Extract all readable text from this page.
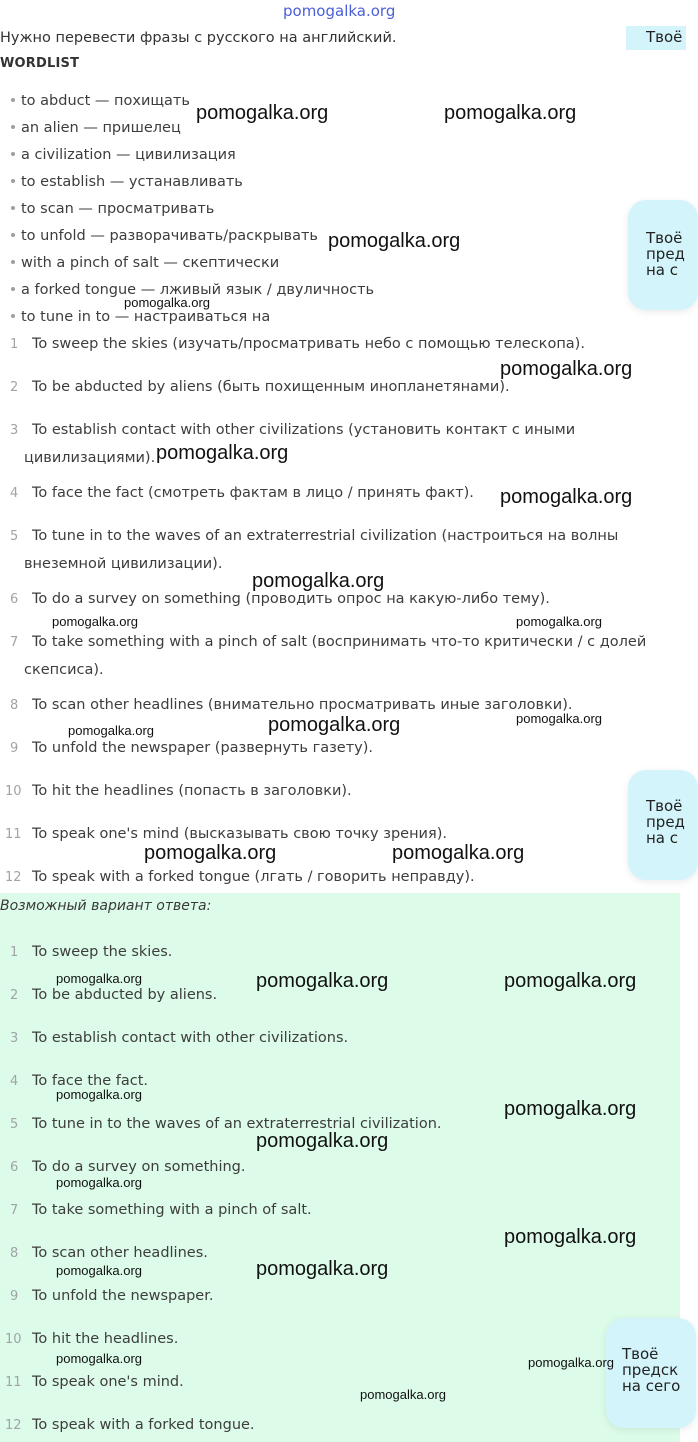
pomogalka.org
Нужно перевести фразы с русского на английский.
WORDLIST
Твоё
Твоё
пред
на с
Твоё
пред
на с
to abduct — похищать
an alien — пришелец
a civilization — цивилизация
to establish — устанавливать
to scan — просматривать
to unfold — разворачивать/раскрывать
with a pinch of salt — скептически
a forked tongue — лживый язык / двуличность
to tune in to — настраиваться на
1 To sweep the skies (изучать/просматривать небо с помощью телескопа).
2 To be abducted by aliens (быть похищенным инопланетянами).
3 To establish contact with other civilizations (установить контакт с иными
цивилизациями).
4 To face the fact (смотреть фактам в лицо / принять факт).
5 To tune in to the waves of an extraterrestrial civilization (настроиться на волны
внеземной цивилизации).
6 To do a survey on something (проводить опрос на какую-либо тему).
7 To take something with a pinch of salt (воспринимать что-то критически / с долей
скепсиса).
8 To scan other headlines (внимательно просматривать иные заголовки).
9 To unfold the newspaper (развернуть газету).
10 To hit the headlines (попасть в заголовки).
11 To speak one's mind (высказывать свою точку зрения).
12 To speak with a forked tongue (лгать / говорить неправду).
Возможный вариант ответа:
1 To sweep the skies.
2 To be abducted by aliens.
3 To establish contact with other civilizations.
4 To face the fact.
5 To tune in to the waves of an extraterrestrial civilization.
6 To do a survey on something.
7 To take something with a pinch of salt.
8 To scan other headlines.
9 To unfold the newspaper.
10 To hit the headlines.
11 To speak one's mind.
12 To speak with a forked tongue.
Твоё
предск
на сего
pomogalka.org	pomogalka.org
pomogalka.org
pomogalka.org
pomogalka.org
pomogalka.org
pomogalka.org
pomogalka.org
pomogalka.org	pomogalka.org
pomogalka.org
pomogalka.org	pomogalka.org
pomogalka.org	pomogalka.org
pomogalka.org	pomogalka.org	pomogalka.org
pomogalka.org
pomogalka.org
pomogalka.org
pomogalka.org
pomogalka.org
pomogalka.org	pomogalka.org
pomogalka.org	pomogalka.org
pomogalka.org
